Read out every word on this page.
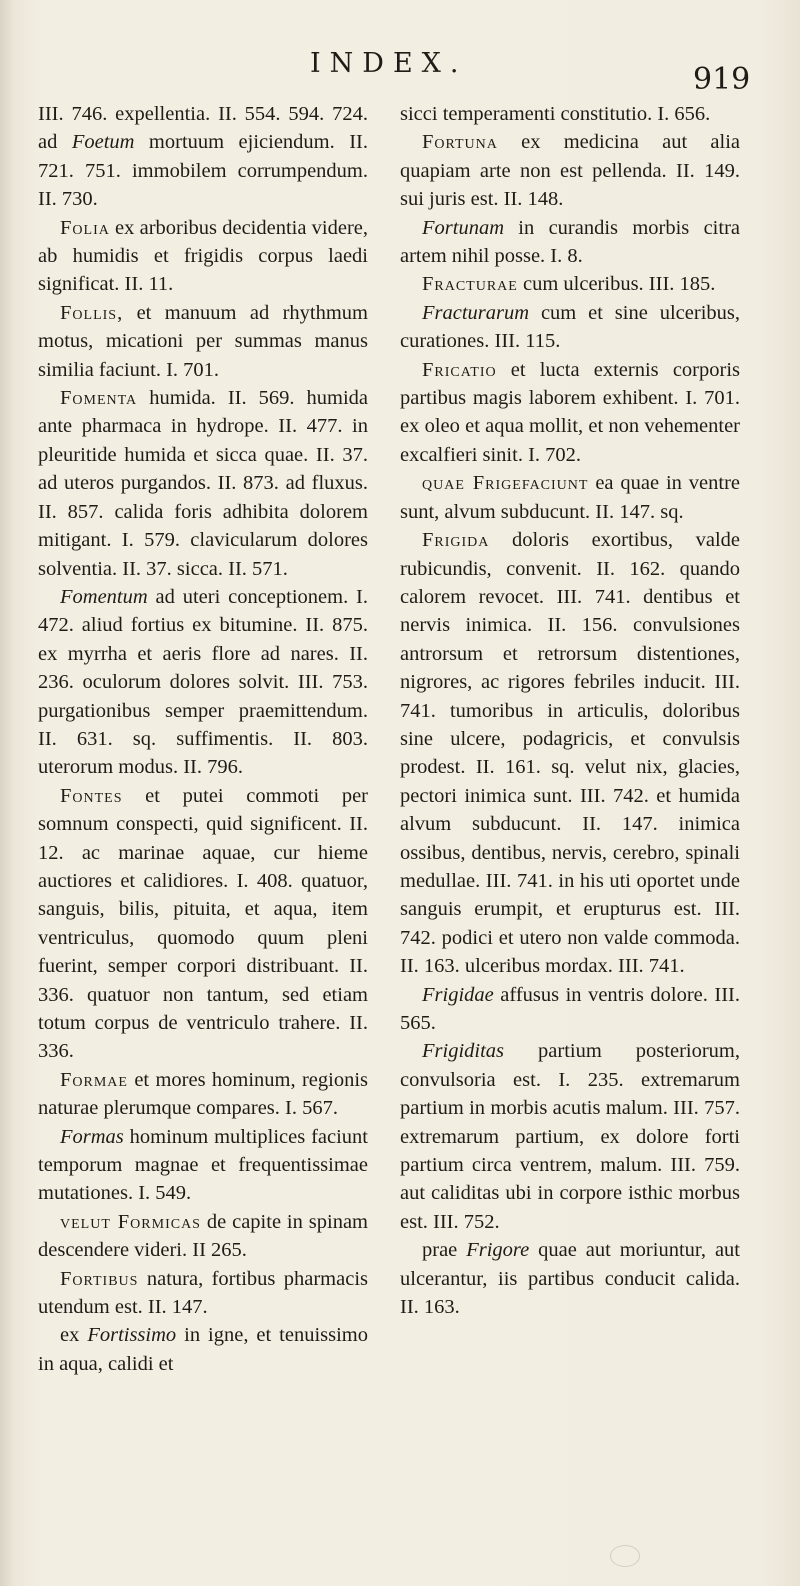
INDEX.	919

III. 746. expellentia. II. 554. 594. 724. ad Foetum mortuum ejiciendum. II. 721. 751. immobilem corrumpendum. II. 730.

Folia ex arboribus decidentia videre, ab humidis et frigidis corpus laedi significat. II. 11.

Follis, et manuum ad rhythmum motus, micationi per summas manus similia faciunt. I. 701.

Fomenta humida. II. 569. humida ante pharmaca in hydrope. II. 477. in pleuritide humida et sicca quae. II. 37. ad uteros purgandos. II. 873. ad fluxus. II. 857. calida foris adhibita dolorem mitigant. I. 579. clavicularum dolores solventia. II. 37. sicca. II. 571.

Fomentum ad uteri conceptionem. I. 472. aliud fortius ex bitumine. II. 875. ex myrrha et aeris flore ad nares. II. 236. oculorum dolores solvit. III. 753. purgationibus semper praemittendum. II. 631. sq. suffimentis. II. 803. uterorum modus. II. 796.

Fontes et putei commoti per somnum conspecti, quid significent. II. 12. ac marinae aquae, cur hieme auctiores et calidiores. I. 408. quatuor, sanguis, bilis, pituita, et aqua, item ventriculus, quomodo quum pleni fuerint, semper corpori distribuant. II. 336. quatuor non tantum, sed etiam totum corpus de ventriculo trahere. II. 336.

Formae et mores hominum, regionis naturae plerumque compares. I. 567.

Formas hominum multiplices faciunt temporum magnae et frequentissimae mutationes. I. 549.

velut Formicas de capite in spinam descendere videri. II 265.

Fortibus natura, fortibus pharmacis utendum est. II. 147.

ex Fortissimo in igne, et tenuissimo in aqua, calidi et

sicci temperamenti constitutio. I. 656.

Fortuna ex medicina aut alia quapiam arte non est pellenda. II. 149. sui juris est. II. 148.

Fortunam in curandis morbis citra artem nihil posse. I. 8.

Fracturae cum ulceribus. III. 185.

Fracturarum cum et sine ulceribus, curationes. III. 115.

Fricatio et lucta externis corporis partibus magis laborem exhibent. I. 701. ex oleo et aqua mollit, et non vehementer excalfieri sinit. I. 702.

quae Frigefaciunt ea quae in ventre sunt, alvum subducunt. II. 147. sq.

Frigida doloris exortibus, valde rubicundis, convenit. II. 162. quando calorem revocet. III. 741. dentibus et nervis inimica. II. 156. convulsiones antrorsum et retrorsum distentiones, nigrores, ac rigores febriles inducit. III. 741. tumoribus in articulis, doloribus sine ulcere, podagricis, et convulsis prodest. II. 161. sq. velut nix, glacies, pectori inimica sunt. III. 742. et humida alvum subducunt. II. 147. inimica ossibus, dentibus, nervis, cerebro, spinali medullae. III. 741. in his uti oportet unde sanguis erumpit, et erupturus est. III. 742. podici et utero non valde commoda. II. 163. ulceribus mordax. III. 741.

Frigidae affusus in ventris dolore. III. 565.

Frigiditas partium posteriorum, convulsoria est. I. 235. extremarum partium in morbis acutis malum. III. 757. extremarum partium, ex dolore forti partium circa ventrem, malum. III. 759. aut caliditas ubi in corpore isthic morbus est. III. 752.

prae Frigore quae aut moriuntur, aut ulcerantur, iis partibus conducit calida. II. 163.
